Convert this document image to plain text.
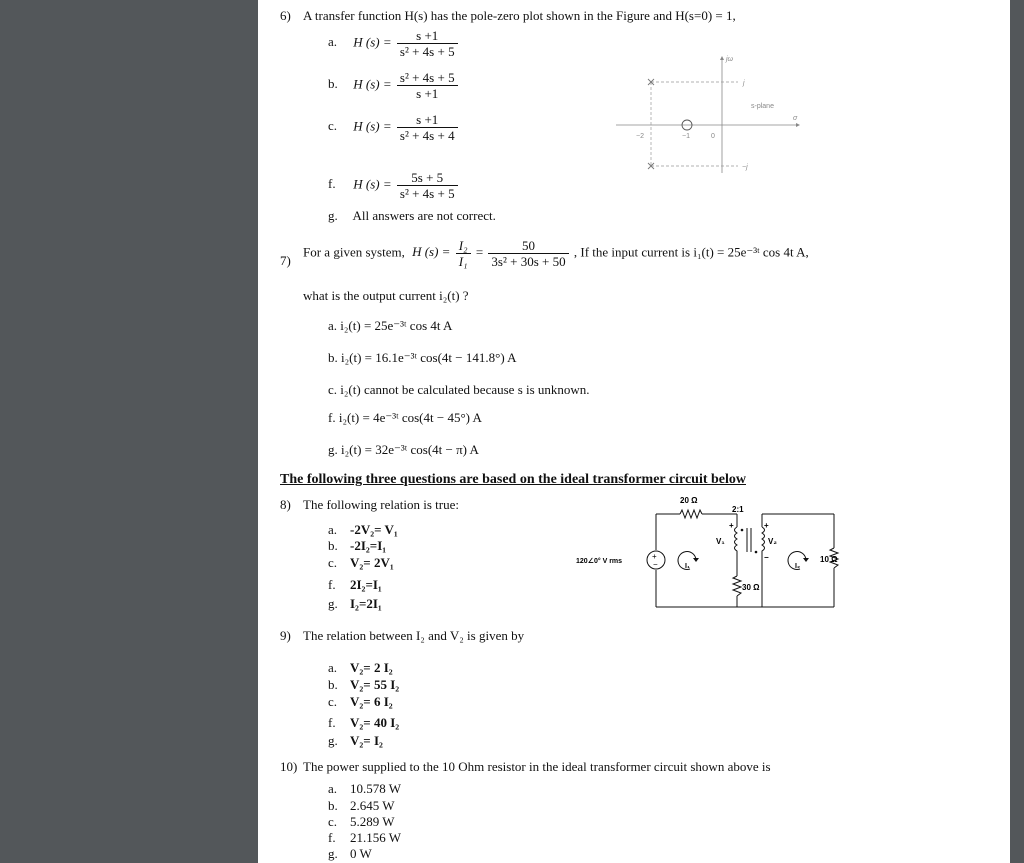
6) A transfer function H(s) has the pole-zero plot shown in the Figure and H(s=0) = 1,
a. H $(s) = \frac{s +1}{\text{s² + 4s + 5}}$
b. H $(s) = \frac{\text{s² + 4s + 5}}{s +1}$
c. H $(s) = \frac{s +1}{\text{s² + 4s + 4}}$
f. H $(s) = \frac{5s + 5}{\text{s² + 4s + 5}}$
g. All answers are not correct.
jω
j
−j
s-plane
σ
−2	−1	0
7)
For a given system, H $(s) = \frac{\text{I₂}}{\text{I₁}} = \frac{50}{\text{3s² + 30s + 50}}$ , If the input current is i₁(t) = 25e⁻³ᵗ cos 4t A,
what is the output current i₂(t) ?
a. i₂(t) = 25e⁻³ᵗ cos 4t A
b. i₂(t) = 16.1e⁻³ᵗ cos(4t − 141.8°) A
c. i₂(t) cannot be calculated because s is unknown.
f. i₂(t) = 4e⁻³ᵗ cos(4t − 45°) A
g. i₂(t) = 32e⁻³ᵗ cos(4t − π) A
The following three questions are based on the ideal transformer circuit below
8) The following relation is true:
a. -2V₂= V₁
b. -2I₂=I₁
c. V₂= 2V₁
f. 2I₂=I₁
g. I₂=2I₁
+
−
20 Ω
2:1
120∠0° V rms
V₁
+
V₂
+
−
I₁	I₂
30 Ω
10 Ω
9) The relation between I₂ and V₂ is given by
a. V₂= 2 I₂
b. V₂= 55 I₂
c. V₂= 6 I₂
f. V₂= 40 I₂
g. V₂= I₂
10) The power supplied to the 10 Ohm resistor in the ideal transformer circuit shown above is
a. 10.578 W
b. 2.645 W
c. 5.289 W
f. 21.156 W
g. 0 W
